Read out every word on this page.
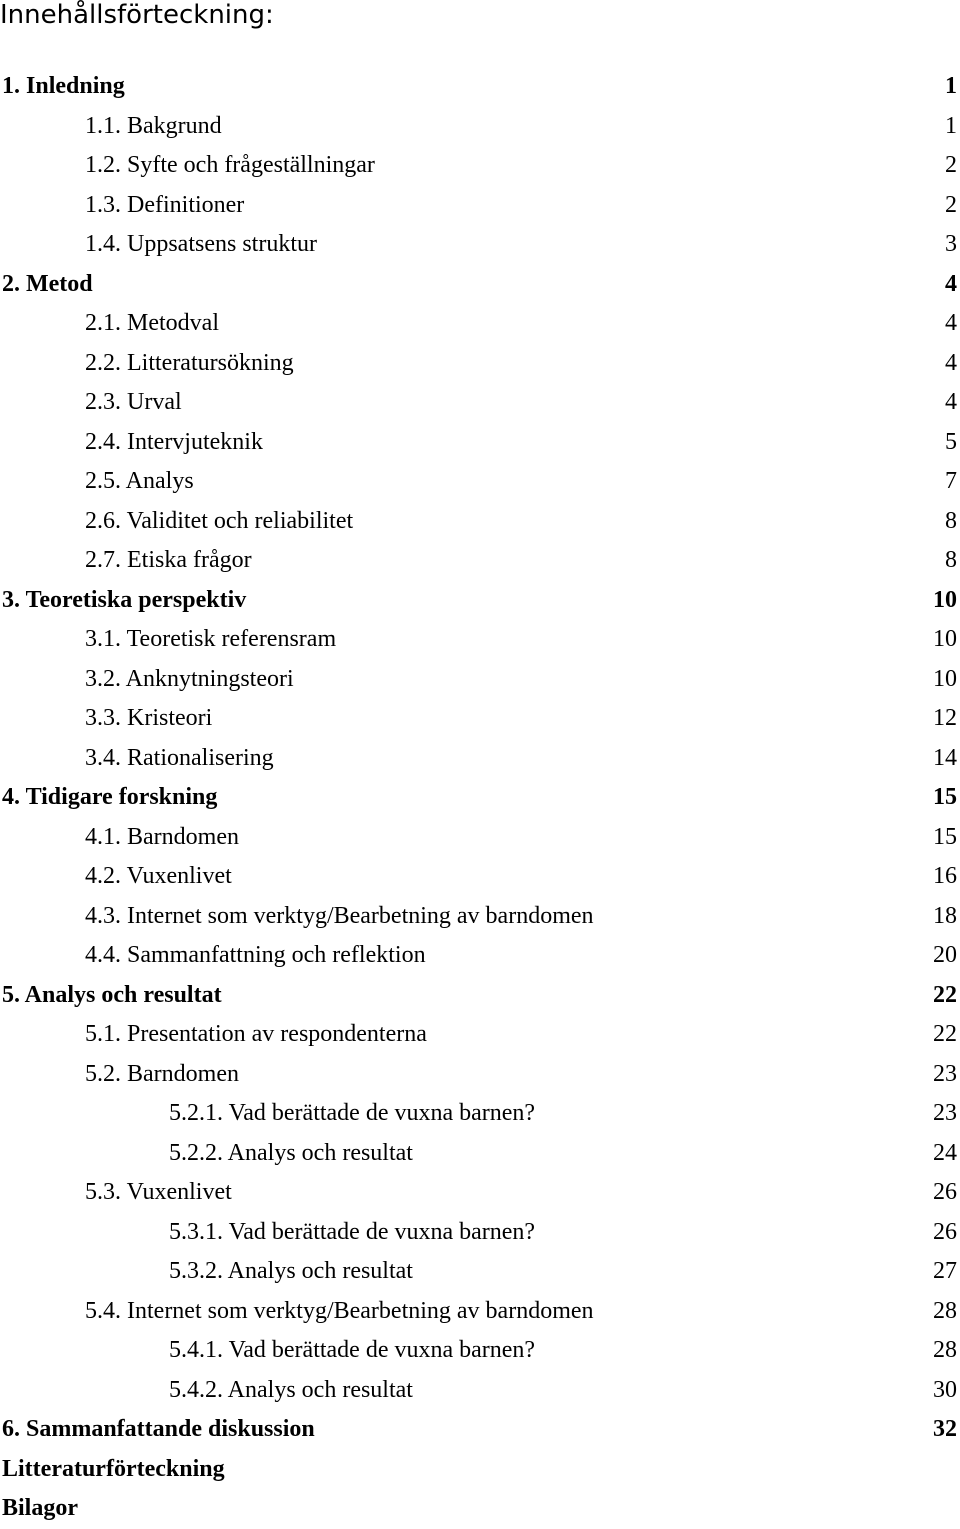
Innehållsförteckning:
1. Inledning	1
1.1. Bakgrund	1
1.2. Syfte och frågeställningar	2
1.3. Definitioner	2
1.4. Uppsatsens struktur	3
2. Metod	4
2.1. Metodval	4
2.2. Litteratursökning	4
2.3. Urval	4
2.4. Intervjuteknik	5
2.5. Analys	7
2.6. Validitet och reliabilitet	8
2.7. Etiska frågor	8
3. Teoretiska perspektiv	10
3.1. Teoretisk referensram	10
3.2. Anknytningsteori	10
3.3. Kristeori	12
3.4. Rationalisering	14
4. Tidigare forskning	15
4.1. Barndomen	15
4.2. Vuxenlivet	16
4.3. Internet som verktyg/Bearbetning av barndomen	18
4.4. Sammanfattning och reflektion	20
5. Analys och resultat	22
5.1. Presentation av respondenterna	22
5.2. Barndomen	23
5.2.1. Vad berättade de vuxna barnen?	23
5.2.2. Analys och resultat	24
5.3. Vuxenlivet	26
5.3.1. Vad berättade de vuxna barnen?	26
5.3.2. Analys och resultat	27
5.4. Internet som verktyg/Bearbetning av barndomen	28
5.4.1. Vad berättade de vuxna barnen?	28
5.4.2. Analys och resultat	30
6. Sammanfattande diskussion	32
Litteraturförteckning
Bilagor
